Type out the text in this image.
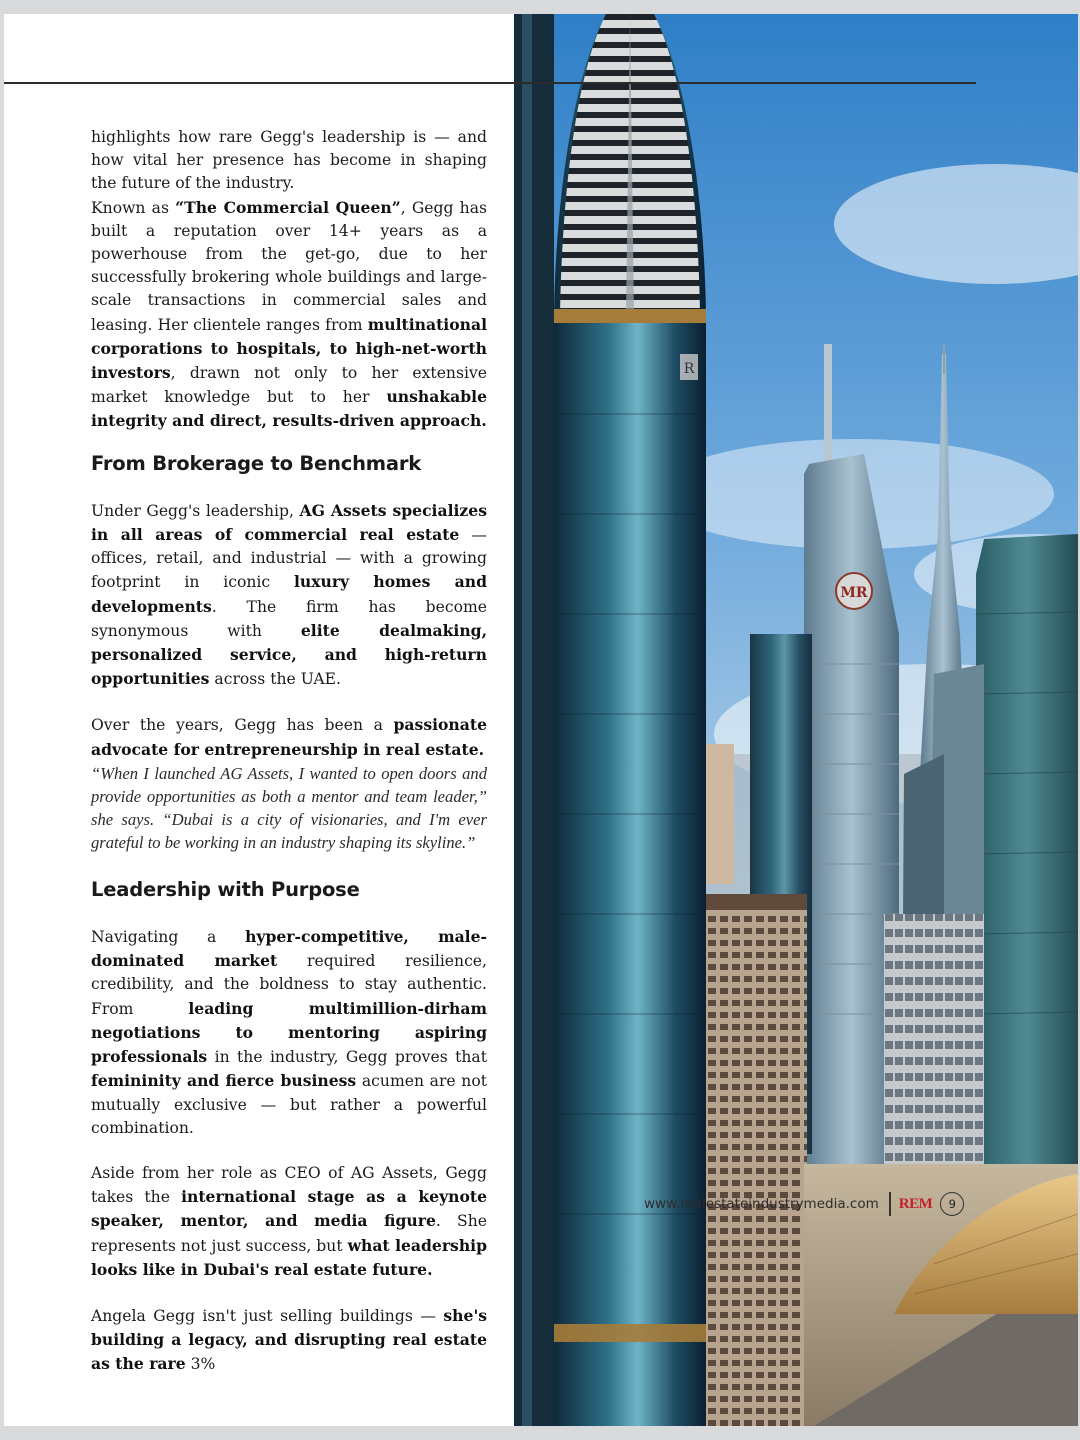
MR
R

highlights how rare Gegg's leadership is — and how vital her presence has become in shaping the future of the industry.

Known as “The Commercial Queen”, Gegg has built a reputation over 14+ years as a powerhouse from the get-go, due to her successfully brokering whole buildings and large-scale transactions in commercial sales and leasing. Her clientele ranges from multinational corporations to hospitals, to high-net-worth investors, drawn not only to her extensive market knowledge but to her unshakable integrity and direct, results-driven approach.

From Brokerage to Benchmark

Under Gegg's leadership, AG Assets specializes in all areas of commercial real estate — offices, retail, and industrial — with a growing footprint in iconic luxury homes and developments. The firm has become synonymous with elite dealmaking, personalized service, and high-return opportunities across the UAE.

Over the years, Gegg has been a passionate advocate for entrepreneurship in real estate.

“When I launched AG Assets, I wanted to open doors and provide opportunities as both a mentor and team leader,” she says. “Dubai is a city of visionaries, and I'm ever grateful to be working in an industry shaping its skyline.”

Leadership with Purpose

Navigating a hyper-competitive, male-dominated market required resilience, credibility, and the boldness to stay authentic. From leading multimillion-dirham negotiations to mentoring aspiring professionals in the industry, Gegg proves that femininity and fierce business acumen are not mutually exclusive — but rather a powerful combination.

Aside from her role as CEO of AG Assets, Gegg takes the international stage as a keynote speaker, mentor, and media figure. She represents not just success, but what leadership looks like in Dubai's real estate future.

Angela Gegg isn't just selling buildings — she's building a legacy, and disrupting real estate as the rare 3%

www.realestateindustrymedia.com	REM	9
